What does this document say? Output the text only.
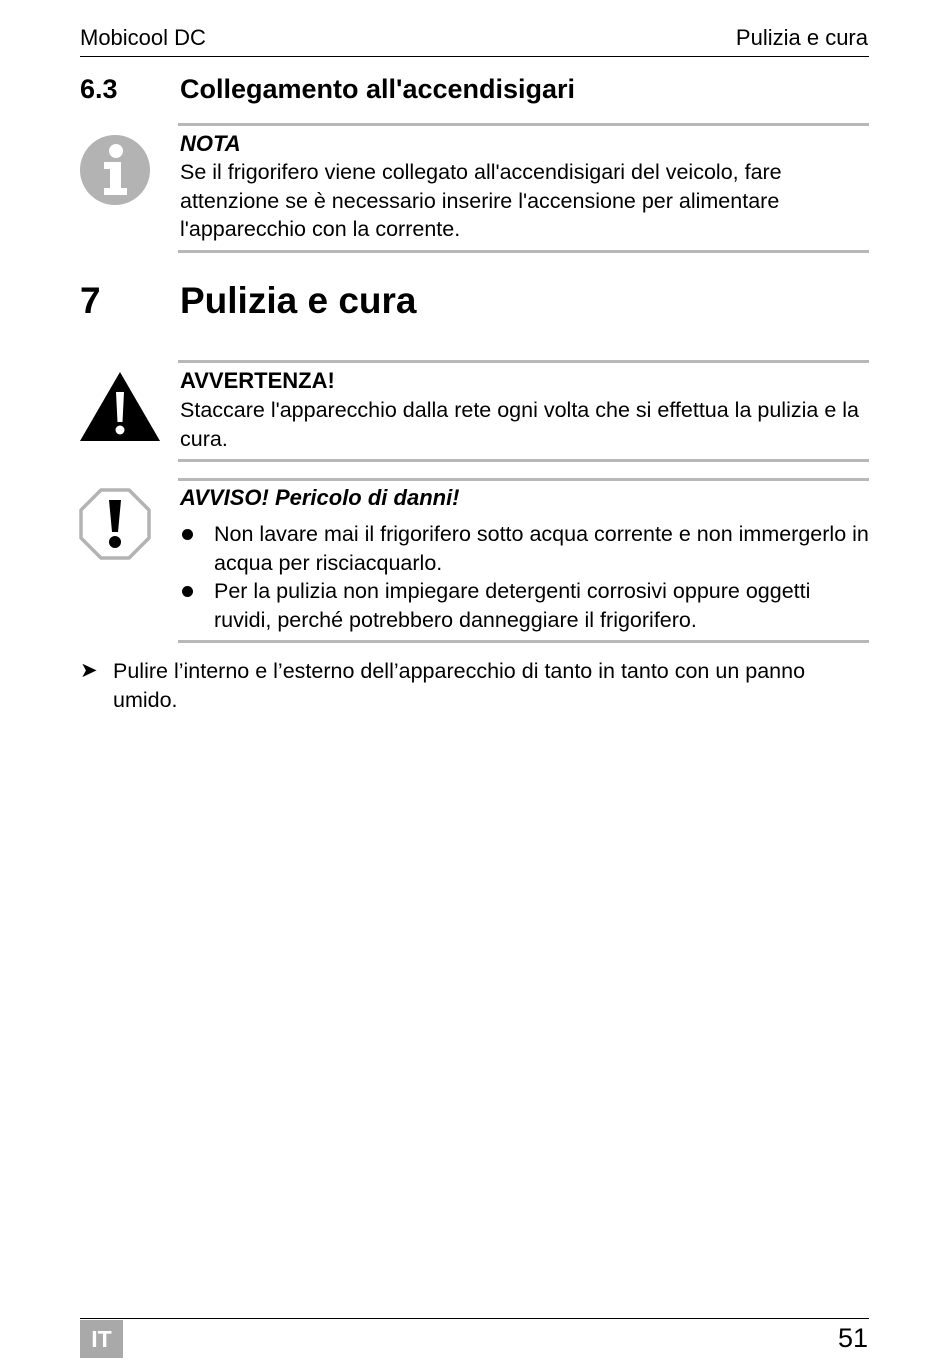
Mobicool DC	Pulizia e cura
6.3 Collegamento all'accendisigari
NOTA
Se il frigorifero viene collegato all'accendisigari del veicolo, fare attenzione se è necessario inserire l'accensione per alimentare l'apparecchio con la corrente.
7 Pulizia e cura
AVVERTENZA!
Staccare l'apparecchio dalla rete ogni volta che si effettua la pulizia e la cura.
AVVISO! Pericolo di danni!
Non lavare mai il frigorifero sotto acqua corrente e non immergerlo in acqua per risciacquarlo.
Per la pulizia non impiegare detergenti corrosivi oppure oggetti ruvidi, perché potrebbero danneggiare il frigorifero.
➤ Pulire l’interno e l’esterno dell’apparecchio di tanto in tanto con un panno umido.
IT	51
